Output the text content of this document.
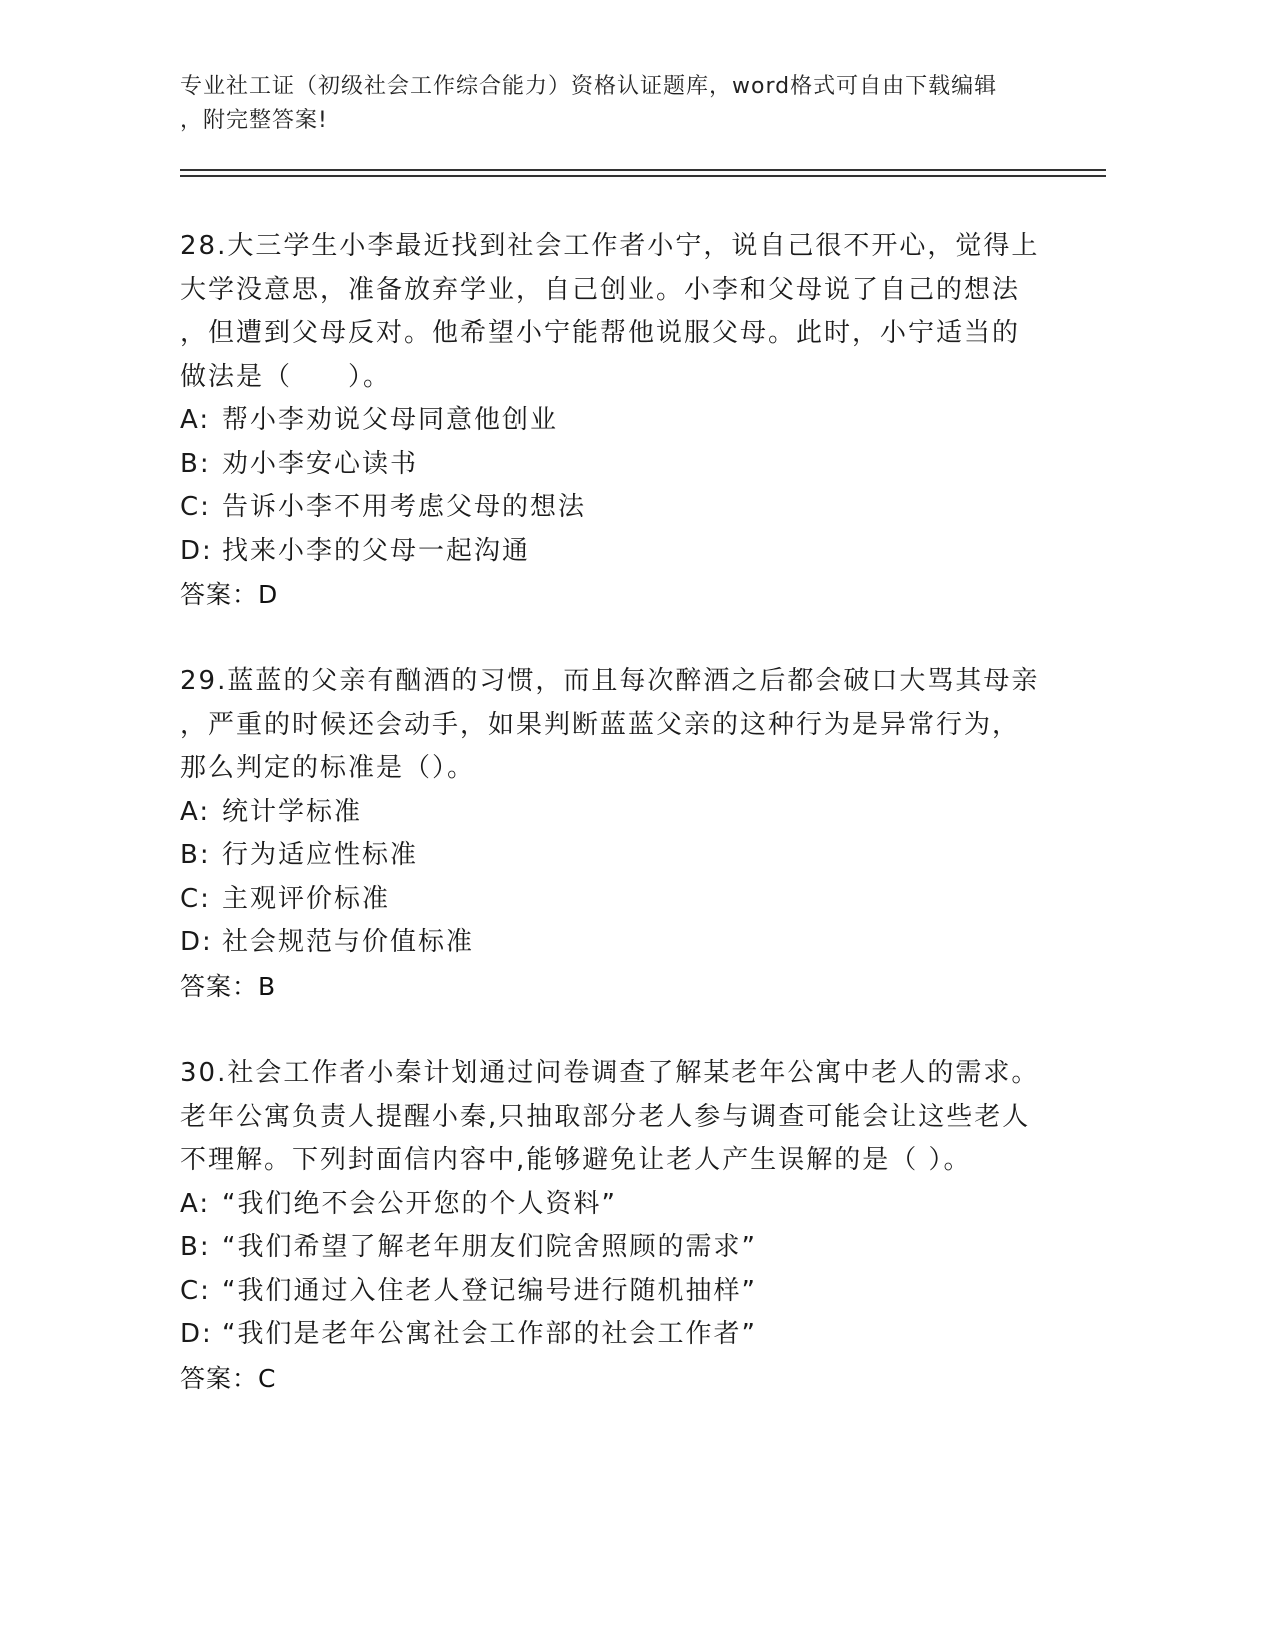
专业社工证（初级社会工作综合能力）资格认证题库，word格式可自由下载编辑
，附完整答案!
28.大三学生小李最近找到社会工作者小宁，说自己很不开心，觉得上
大学没意思，准备放弃学业，自己创业。小李和父母说了自己的想法
，但遭到父母反对。他希望小宁能帮他说服父母。此时，小宁适当的
做法是（　　）。
A: 帮小李劝说父母同意他创业
B: 劝小李安心读书
C: 告诉小李不用考虑父母的想法
D: 找来小李的父母一起沟通
答案：D
29.蓝蓝的父亲有酗酒的习惯，而且每次醉酒之后都会破口大骂其母亲
，严重的时候还会动手，如果判断蓝蓝父亲的这种行为是异常行为，
那么判定的标准是（）。
A: 统计学标准
B: 行为适应性标准
C: 主观评价标准
D: 社会规范与价值标准
答案：B
30.社会工作者小秦计划通过问卷调查了解某老年公寓中老人的需求。
老年公寓负责人提醒小秦,只抽取部分老人参与调查可能会让这些老人
不理解。下列封面信内容中,能够避免让老人产生误解的是（ ）。
A: “我们绝不会公开您的个人资料”
B: “我们希望了解老年朋友们院舍照顾的需求”
C: “我们通过入住老人登记编号进行随机抽样”
D: “我们是老年公寓社会工作部的社会工作者”
答案：C
